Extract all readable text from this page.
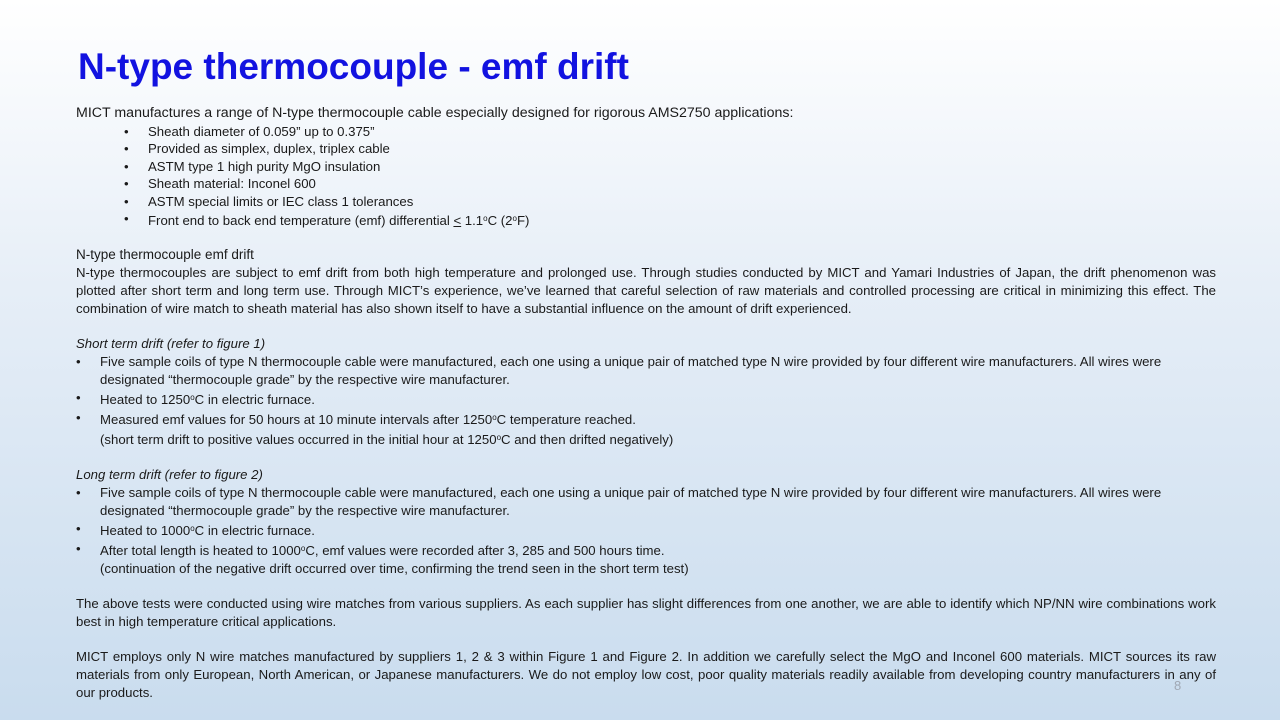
N-type thermocouple - emf drift

MICT manufactures a range of N-type thermocouple cable especially designed for rigorous AMS2750 applications:

• Sheath diameter of 0.059” up to 0.375”
• Provided as simplex, duplex, triplex cable
• ASTM type 1 high purity MgO insulation
• Sheath material: Inconel 600
• ASTM special limits or IEC class 1 tolerances
• Front end to back end temperature (emf) differential ≤ $1.1^oC$ (2$^o$F)

N-type thermocouple emf drift

N-type thermocouples are subject to emf drift from both high temperature and prolonged use. Through studies conducted by MICT and Yamari Industries of Japan, the drift phenomenon was plotted after short term and long term use. Through MICT’s experience, we’ve learned that careful selection of raw materials and controlled processing are critical in minimizing this effect. The combination of wire match to sheath material has also shown itself to have a substantial influence on the amount of drift experienced.

Short term drift (refer to figure 1)

• Five sample coils of type N thermocouple cable were manufactured, each one using a unique pair of matched type N wire provided by four different wire manufacturers. All wires were designated “thermocouple grade” by the respective wire manufacturer.
• Heated to 1250$^o$C in electric furnace.
• Measured emf values for 50 hours at 10 minute intervals after 1250$^o$C temperature reached.

(short term drift to positive values occurred in the initial hour at 1250$^o$C and then drifted negatively)

Long term drift (refer to figure 2)

• Five sample coils of type N thermocouple cable were manufactured, each one using a unique pair of matched type N wire provided by four different wire manufacturers. All wires were designated “thermocouple grade” by the respective wire manufacturer.
• Heated to 1000$^o$C in electric furnace.
• After total length is heated to 1000$^o$C, emf values were recorded after 3, 285 and 500 hours time.

(continuation of the negative drift occurred over time, confirming the trend seen in the short term test)

The above tests were conducted using wire matches from various suppliers. As each supplier has slight differences from one another, we are able to identify which NP/NN wire combinations work best in high temperature critical applications.

MICT employs only N wire matches manufactured by suppliers 1, 2 & 3 within Figure 1 and Figure 2. In addition we carefully select the MgO and Inconel 600 materials. MICT sources its raw materials from only European, North American, or Japanese manufacturers. We do not employ low cost, poor quality materials readily available from developing country manufacturers in any of our products.	8
